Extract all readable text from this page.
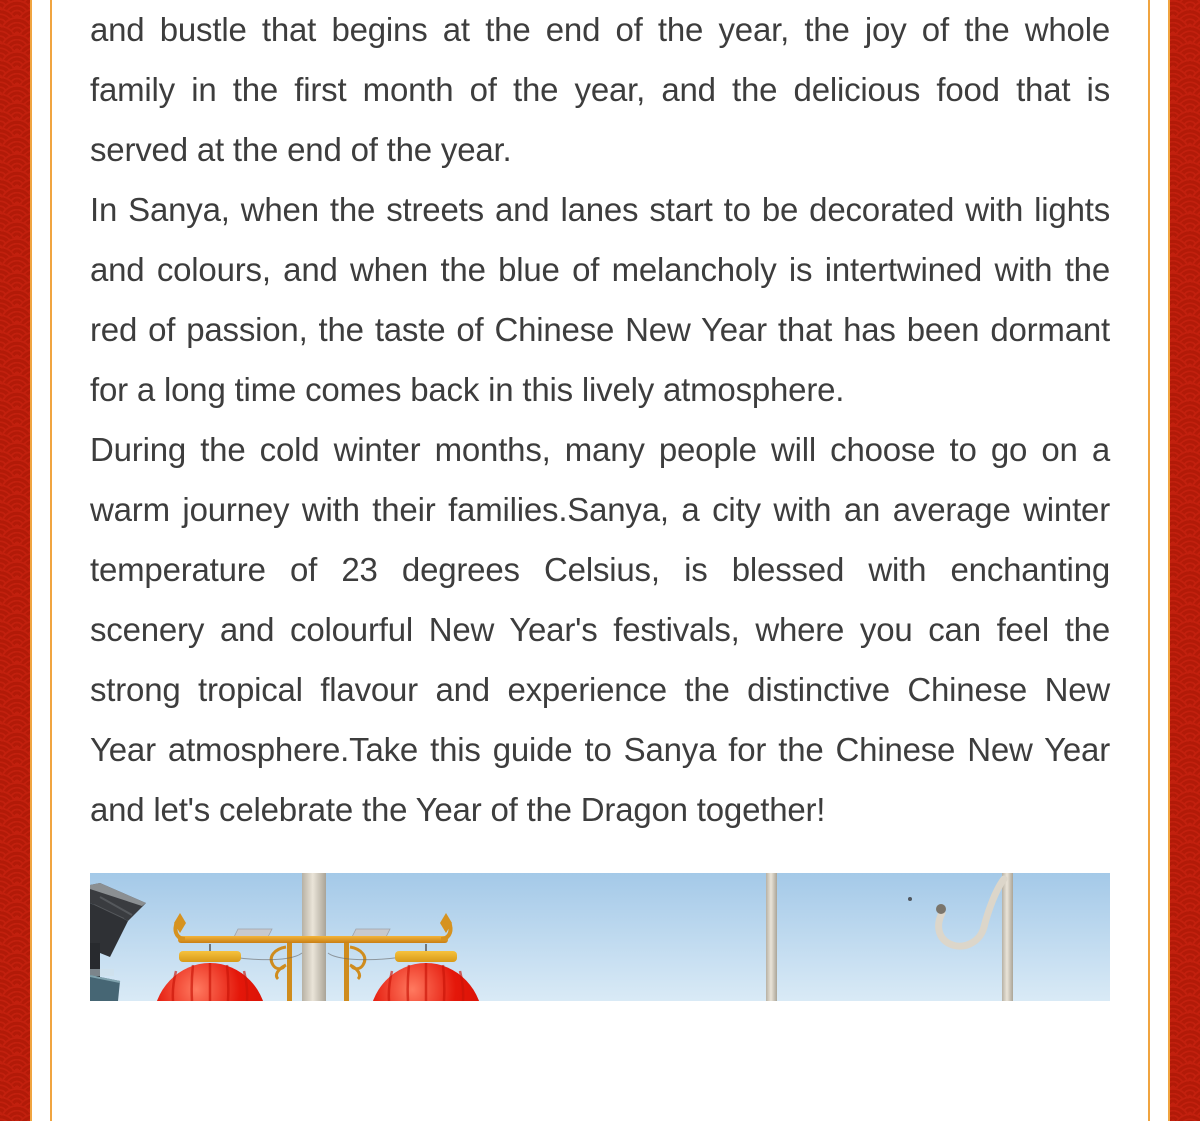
and bustle that begins at the end of the year, the joy of the whole family in the first month of the year, and the delicious food that is served at the end of the year.

In Sanya, when the streets and lanes start to be decorated with lights and colours, and when the blue of melancholy is intertwined with the red of passion, the taste of Chinese New Year that has been dormant for a long time comes back in this lively atmosphere.

During the cold winter months, many people will choose to go on a warm journey with their families.Sanya, a city with an average winter temperature of 23 degrees Celsius, is blessed with enchanting scenery and colourful New Year's festivals, where you can feel the strong tropical flavour and experience the distinctive Chinese New Year atmosphere.Take this guide to Sanya for the Chinese New Year and let's celebrate the Year of the Dragon together!
